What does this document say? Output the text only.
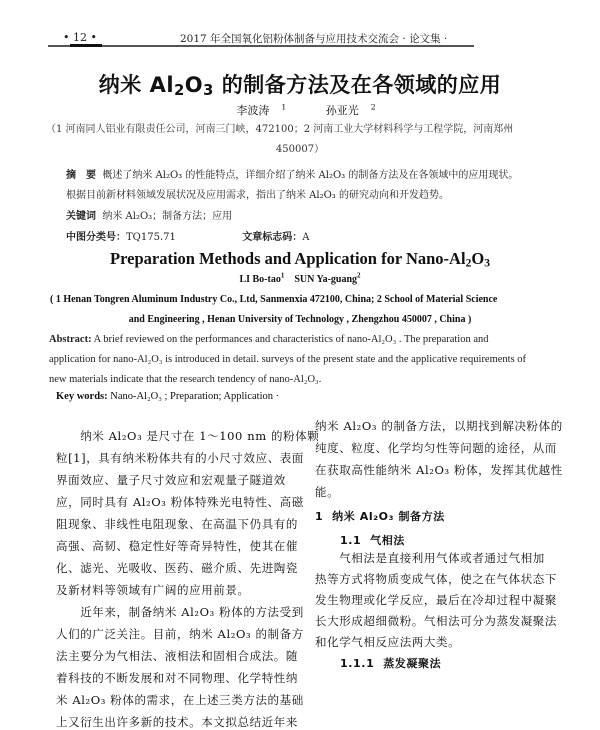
• 12 •	2017 年全国氧化铝粉体制备与应用技术交流会 · 论文集 ·
纳米 $Al_2O_3$ 的制备方法及在各领域的应用
李波涛 $^1$	孙亚光 $^2$
（1 河南同人铝业有限责任公司，河南三门峡，472100；2 河南工业大学材料科学与工程学院，河南郑州
450007）
摘　要 概述了纳米 Al₂O₃ 的性能特点，详细介绍了纳米 Al₂O₃ 的制备方法及在各领域中的应用现状。
根据目前新材料领域发展状况及应用需求，指出了纳米 Al₂O₃ 的研究动向和开发趋势。
关键词 纳米 Al₂O₃；制备方法；应用
中图分类号：TQ175.71	文章标志码：A
Preparation Methods and Application for Nano-$Al_2O_3$
LI Bo-tao$^1$ SUN Ya-guang$^2$
( 1 Henan Tongren Aluminum Industry Co., Ltd, Sanmenxia 472100, China; 2 School of Material Science
and Engineering , Henan University of Technology , Zhengzhou 450007 , China )
Abstract: A brief reviewed on the performances and characteristics of nano-Al₂O₃ . The preparation and
application for nano-Al₂O₃ is introduced in detail. surveys of the present state and the applicative requirements of
new materials indicate that the research tendency of nano-Al₂O₃.
Key words: Nano-Al₂O₃ ; Preparation; Application ·
　　纳米 Al₂O₃ 是尺寸在 1～100 nm 的粉体颗
粒[1]，具有纳米粉体共有的小尺寸效应、表面
界面效应、量子尺寸效应和宏观量子隧道效
应，同时具有 Al₂O₃ 粉体特殊光电特性、高磁
阻现象、非线性电阻现象、在高温下仍具有的
高强、高韧、稳定性好等奇异特性，使其在催
化、滤光、光吸收、医药、磁介质、先进陶瓷
及新材料等领域有广阔的应用前景。
　　近年来，制备纳米 Al₂O₃ 粉体的方法受到
人们的广泛关注。目前，纳米 Al₂O₃ 的制备方
法主要分为气相法、液相法和固相合成法。随
着科技的不断发展和对不同物理、化学特性纳
米 Al₂O₃ 粉体的需求，在上述三类方法的基础
上又衍生出许多新的技术。本文拟总结近年来
纳米 Al₂O₃ 的制备方法，以期找到解决粉体的
纯度、粒度、化学均匀性等问题的途径，从而
在获取高性能纳米 Al₂O₃ 粉体，发挥其优越性
能。
1 纳米 Al₂O₃ 制备方法
1.1 气相法
　　气相法是直接利用气体或者通过气相加
热等方式将物质变成气体，使之在气体状态下
发生物理或化学反应，最后在冷却过程中凝聚
长大形成超细微粉。气相法可分为蒸发凝聚法
和化学气相反应法两大类。
1.1.1 蒸发凝聚法
